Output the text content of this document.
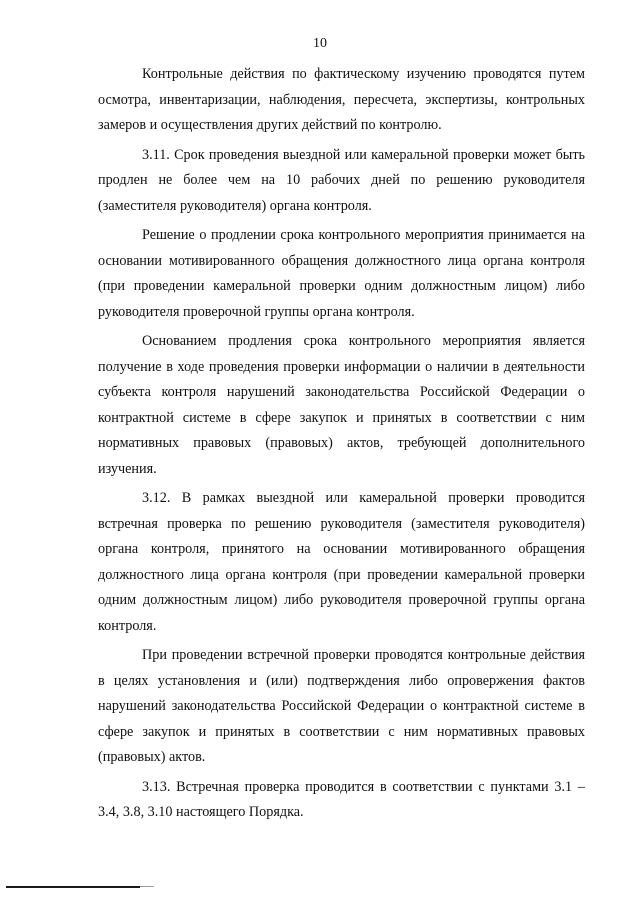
10

Контрольные действия по фактическому изучению проводятся путем осмотра, инвентаризации, наблюдения, пересчета, экспертизы, контрольных замеров и осуществления других действий по контролю.

3.11. Срок проведения выездной или камеральной проверки может быть продлен не более чем на 10 рабочих дней по решению руководителя (заместителя руководителя) органа контроля.

Решение о продлении срока контрольного мероприятия принимается на основании мотивированного обращения должностного лица органа контроля (при проведении камеральной проверки одним должностным лицом) либо руководителя проверочной группы органа контроля.

Основанием продления срока контрольного мероприятия является получение в ходе проведения проверки информации о наличии в деятельности субъекта контроля нарушений законодательства Российской Федерации о контрактной системе в сфере закупок и принятых в соответствии с ним нормативных правовых (правовых) актов, требующей дополнительного изучения.

3.12. В рамках выездной или камеральной проверки проводится встречная проверка по решению руководителя (заместителя руководителя) органа контроля, принятого на основании мотивированного обращения должностного лица органа контроля (при проведении камеральной проверки одним должностным лицом) либо руководителя проверочной группы органа контроля.

При проведении встречной проверки проводятся контрольные действия в целях установления и (или) подтверждения либо опровержения фактов нарушений законодательства Российской Федерации о контрактной системе в сфере закупок и принятых в соответствии с ним нормативных правовых (правовых) актов.

3.13. Встречная проверка проводится в соответствии с пунктами 3.1 – 3.4, 3.8, 3.10 настоящего Порядка.
